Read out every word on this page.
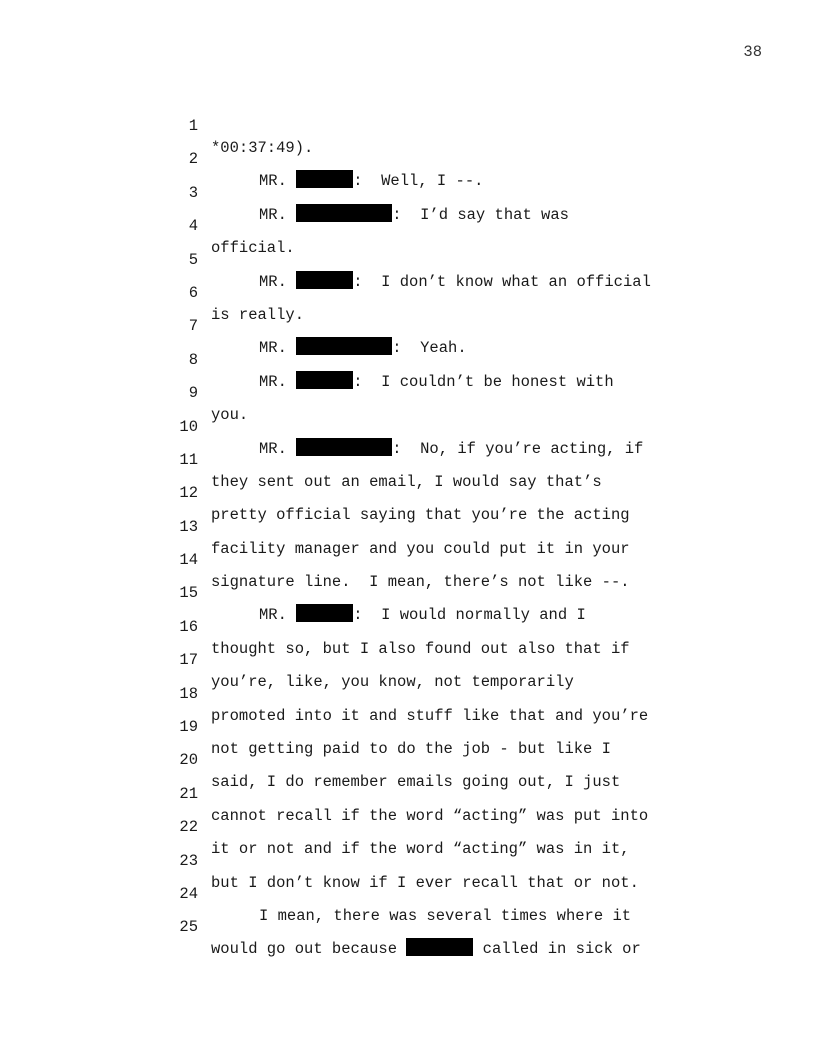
38

1

*00:37:49).

2

MR.	:  Well, I --.

3

MR.	:  I’d say that was

4

official.

5

MR.	:  I don’t know what an official

6

is really.

7

MR.	:  Yeah.

8

MR.	:  I couldn’t be honest with

9

you.

10

MR.	:  No, if you’re acting, if

11

they sent out an email, I would say that’s

12

pretty official saying that you’re the acting

13

facility manager and you could put it in your

14

signature line.  I mean, there’s not like --.

15

MR.	:  I would normally and I

16

thought so, but I also found out also that if

17

you’re, like, you know, not temporarily

18

promoted into it and stuff like that and you’re

19

not getting paid to do the job - but like I

20

said, I do remember emails going out, I just

21

cannot recall if the word “acting” was put into

22

it or not and if the word “acting” was in it,

23

but I don’t know if I ever recall that or not.

24

I mean, there was several times where it

25

would go out because	called in sick or
